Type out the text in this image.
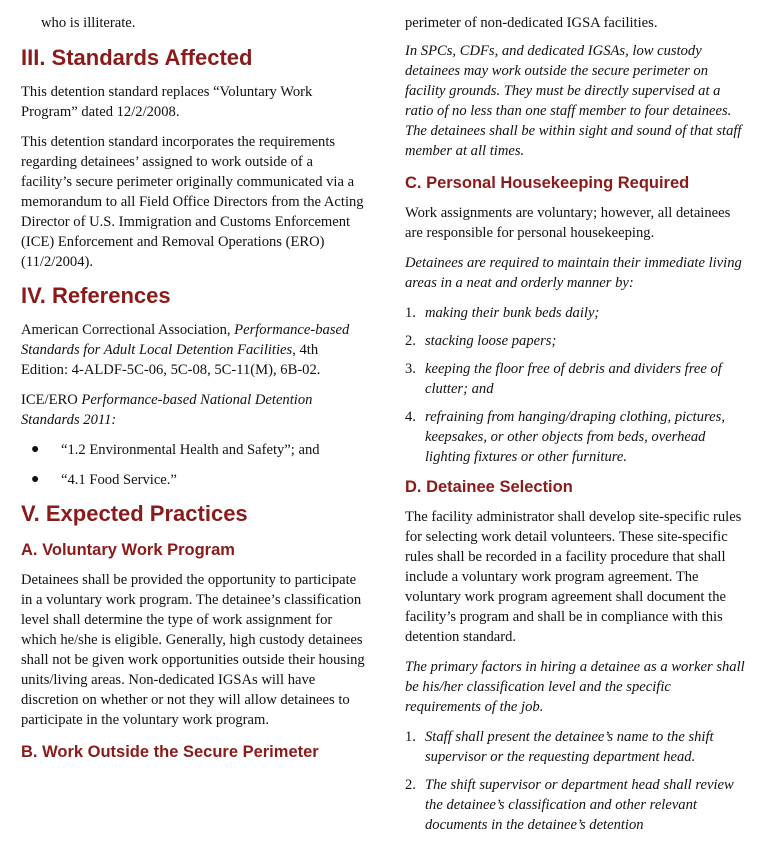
who is illiterate.

III. Standards Affected

This detention standard replaces “Voluntary Work Program” dated 12/2/2008.

This detention standard incorporates the requirements regarding detainees’ assigned to work outside of a facility’s secure perimeter originally communicated via a memorandum to all Field Office Directors from the Acting Director of U.S. Immigration and Customs Enforcement (ICE) Enforcement and Removal Operations (ERO) (11/2/2004).

IV. References

American Correctional Association, Performance-based Standards for Adult Local Detention Facilities, 4th Edition: 4-ALDF-5C-06, 5C-08, 5C-11(M), 6B-02.

ICE/ERO Performance-based National Detention Standards 2011:

● “1.2 Environmental Health and Safety”; and
● “4.1 Food Service.”
V. Expected Practices
A. Voluntary Work Program

Detainees shall be provided the opportunity to participate in a voluntary work program. The detainee’s classification level shall determine the type of work assignment for which he/she is eligible. Generally, high custody detainees shall not be given work opportunities outside their housing units/living areas. Non-dedicated IGSAs will have discretion on whether or not they will allow detainees to participate in the voluntary work program.

B. Work Outside the Secure Perimeter

perimeter of non-dedicated IGSA facilities.

In SPCs, CDFs, and dedicated IGSAs, low custody detainees may work outside the secure perimeter on facility grounds. They must be directly supervised at a ratio of no less than one staff member to four detainees. The detainees shall be within sight and sound of that staff member at all times.

C. Personal Housekeeping Required

Work assignments are voluntary; however, all detainees are responsible for personal housekeeping.

Detainees are required to maintain their immediate living areas in a neat and orderly manner by:

1. making their bunk beds daily;
2. stacking loose papers;
3. keeping the floor free of debris and dividers free of clutter; and
4. refraining from hanging/draping clothing, pictures, keepsakes, or other objects from beds, overhead lighting fixtures or other furniture.
D. Detainee Selection

The facility administrator shall develop site-specific rules for selecting work detail volunteers. These site-specific rules shall be recorded in a facility procedure that shall include a voluntary work program agreement. The voluntary work program agreement shall document the facility’s program and shall be in compliance with this detention standard.

The primary factors in hiring a detainee as a worker shall be his/her classification level and the specific requirements of the job.

1. Staff shall present the detainee’s name to the shift supervisor or the requesting department head.
2. The shift supervisor or department head shall review the detainee’s classification and other relevant documents in the detainee’s detention
